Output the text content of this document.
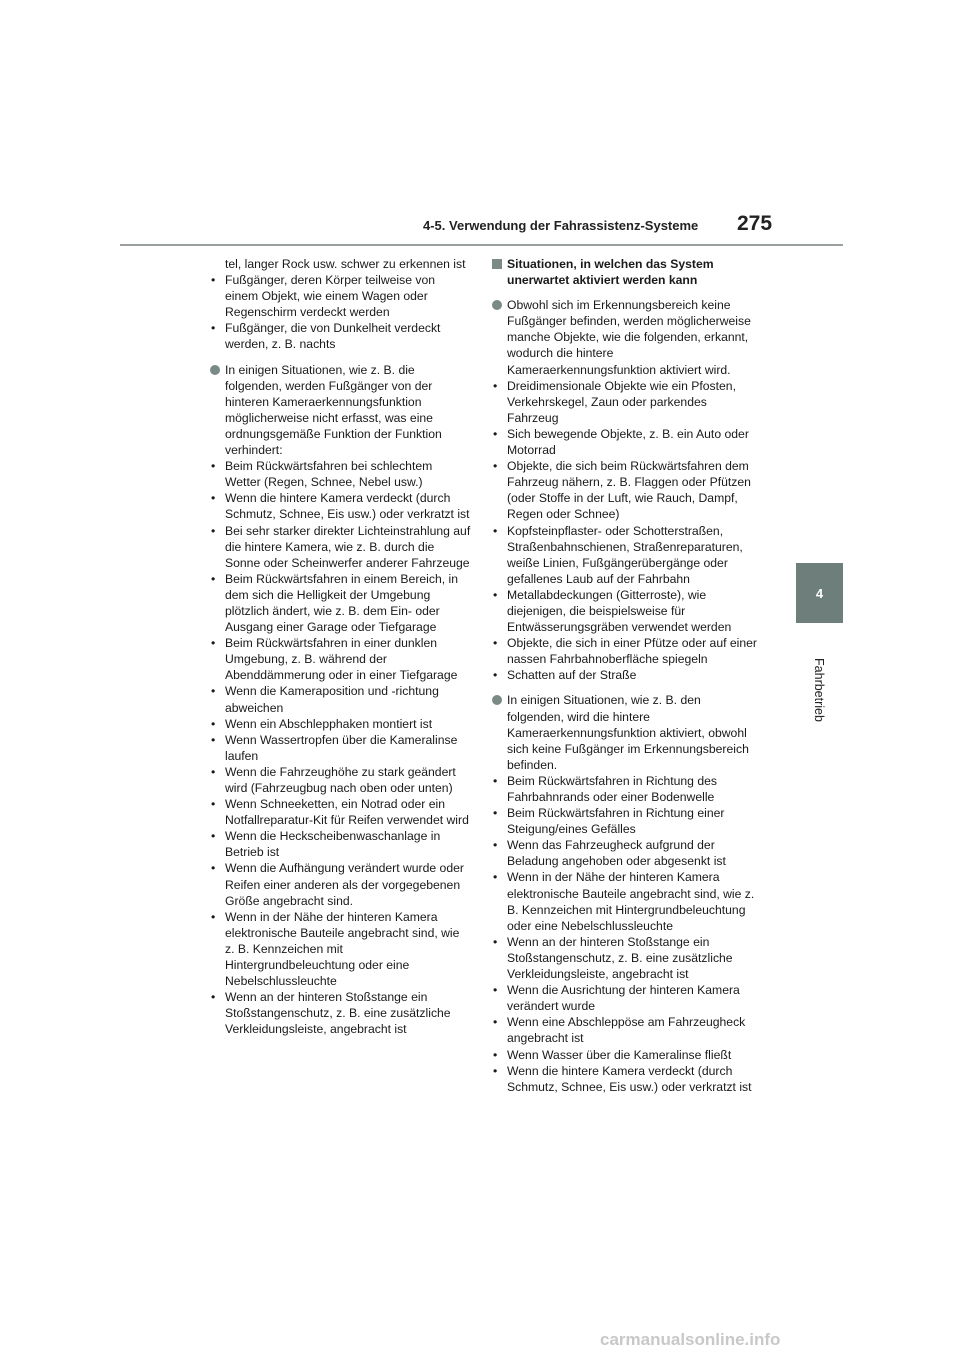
4-5. Verwendung der Fahrassistenz-Systeme 275
4
Fahrbetrieb

tel, langer Rock usw. schwer zu erkennen ist

• Fußgänger, deren Körper teilweise von einem Objekt, wie einem Wagen oder Regenschirm verdeckt werden
• Fußgänger, die von Dunkelheit verdeckt werden, z. B. nachts
In einigen Situationen, wie z. B. die folgenden, werden Fußgänger von der hinteren Kameraerkennungsfunktion möglicherweise nicht erfasst, was eine ordnungsgemäße Funktion der Funktion verhindert:
• Beim Rückwärtsfahren bei schlechtem Wetter (Regen, Schnee, Nebel usw.)
• Wenn die hintere Kamera verdeckt (durch Schmutz, Schnee, Eis usw.) oder verkratzt ist
• Bei sehr starker direkter Lichteinstrahlung auf die hintere Kamera, wie z. B. durch die Sonne oder Scheinwerfer anderer Fahrzeuge
• Beim Rückwärtsfahren in einem Bereich, in dem sich die Helligkeit der Umgebung plötzlich ändert, wie z. B. dem Ein- oder Ausgang einer Garage oder Tiefgarage
• Beim Rückwärtsfahren in einer dunklen Umgebung, z. B. während der Abenddämmerung oder in einer Tiefgarage
• Wenn die Kameraposition und -richtung abweichen
• Wenn ein Abschlepphaken montiert ist
• Wenn Wassertropfen über die Kameralinse laufen
• Wenn die Fahrzeughöhe zu stark geändert wird (Fahrzeugbug nach oben oder unten)
• Wenn Schneeketten, ein Notrad oder ein Notfallreparatur-Kit für Reifen verwendet wird
• Wenn die Heckscheibenwaschanlage in Betrieb ist
• Wenn die Aufhängung verändert wurde oder Reifen einer anderen als der vorgegebenen Größe angebracht sind.
• Wenn in der Nähe der hinteren Kamera elektronische Bauteile angebracht sind, wie z. B. Kennzeichen mit Hintergrundbeleuchtung oder eine Nebelschlussleuchte
• Wenn an der hinteren Stoßstange ein Stoßstangenschutz, z. B. eine zusätzliche Verkleidungsleiste, angebracht ist
Situationen, in welchen das System unerwartet aktiviert werden kann
Obwohl sich im Erkennungsbereich keine Fußgänger befinden, werden möglicherweise manche Objekte, wie die folgenden, erkannt, wodurch die hintere Kameraerkennungsfunktion aktiviert wird.
• Dreidimensionale Objekte wie ein Pfosten, Verkehrskegel, Zaun oder parkendes Fahrzeug
• Sich bewegende Objekte, z. B. ein Auto oder Motorrad
• Objekte, die sich beim Rückwärtsfahren dem Fahrzeug nähern, z. B. Flaggen oder Pfützen (oder Stoffe in der Luft, wie Rauch, Dampf, Regen oder Schnee)
• Kopfsteinpflaster- oder Schotterstraßen, Straßenbahnschienen, Straßenreparaturen, weiße Linien, Fußgängerübergänge oder gefallenes Laub auf der Fahrbahn
• Metallabdeckungen (Gitterroste), wie diejenigen, die beispielsweise für Entwässerungsgräben verwendet werden
• Objekte, die sich in einer Pfütze oder auf einer nassen Fahrbahnoberfläche spiegeln
• Schatten auf der Straße
In einigen Situationen, wie z. B. den folgenden, wird die hintere Kameraerkennungsfunktion aktiviert, obwohl sich keine Fußgänger im Erkennungsbereich befinden.
• Beim Rückwärtsfahren in Richtung des Fahrbahnrands oder einer Bodenwelle
• Beim Rückwärtsfahren in Richtung einer Steigung/eines Gefälles
• Wenn das Fahrzeugheck aufgrund der Beladung angehoben oder abgesenkt ist
• Wenn in der Nähe der hinteren Kamera elektronische Bauteile angebracht sind, wie z. B. Kennzeichen mit Hintergrundbeleuchtung oder eine Nebelschlussleuchte
• Wenn an der hinteren Stoßstange ein Stoßstangenschutz, z. B. eine zusätzliche Verkleidungsleiste, angebracht ist
• Wenn die Ausrichtung der hinteren Kamera verändert wurde
• Wenn eine Abschleppöse am Fahrzeugheck angebracht ist
• Wenn Wasser über die Kameralinse fließt
• Wenn die hintere Kamera verdeckt (durch Schmutz, Schnee, Eis usw.) oder verkratzt ist
carmanualsonline.info
